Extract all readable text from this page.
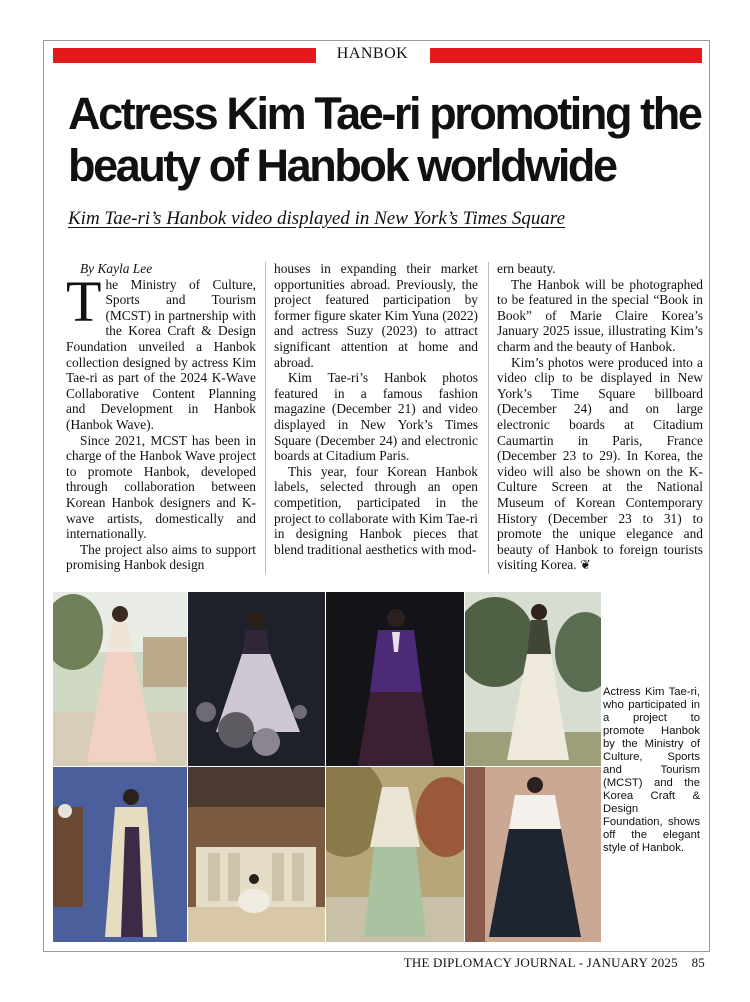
HANBOK
Actress Kim Tae-ri promoting the beauty of Hanbok worldwide
Kim Tae-ri’s Hanbok video displayed in New York’s Times Square

By Kayla Lee

The Ministry of Culture, Sports and Tourism (MCST) in partnership with the Korea Craft & Design Foundation unveiled a Hanbok collection designed by actress Kim Tae-ri as part of the 2024 K-Wave Collaborative Content Planning and Development in Hanbok (Hanbok Wave).

Since 2021, MCST has been in charge of the Hanbok Wave project to promote Hanbok, developed through collaboration between Korean Hanbok designers and K-wave artists, domestically and internationally.

The project also aims to support promising Hanbok design

houses in expanding their market opportunities abroad. Previously, the project featured participation by former figure skater Kim Yuna (2022) and actress Suzy (2023) to attract significant attention at home and abroad.

Kim Tae-ri’s Hanbok photos featured in a famous fashion magazine (December 21) and video displayed in New York’s Times Square (December 24) and electronic boards at Citadium Paris.

This year, four Korean Hanbok labels, selected through an open competition, participated in the project to collaborate with Kim Tae-ri in designing Hanbok pieces that blend traditional aesthetics with mod-

ern beauty.

The Hanbok will be photographed to be featured in the special “Book in Book” of Marie Claire Korea’s January 2025 issue, illustrating Kim’s charm and the beauty of Hanbok.

Kim’s photos were produced into a video clip to be displayed in New York’s Time Square billboard (December 24) and on large electronic boards at Citadium Caumartin in Paris, France (December 23 to 29). In Korea, the video will also be shown on the K-Culture Screen at the National Museum of Korean Contemporary History (December 23 to 31) to promote the unique elegance and beauty of Hanbok to foreign tourists visiting Korea. ❦

Actress Kim Tae-ri, who participated in a project to promote Hanbok by the Ministry of Culture, Sports and Tourism (MCST) and the Korea Craft & Design Foundation, shows off the elegant style of Hanbok.
THE DIPLOMACY JOURNAL - JANUARY 2025    85
